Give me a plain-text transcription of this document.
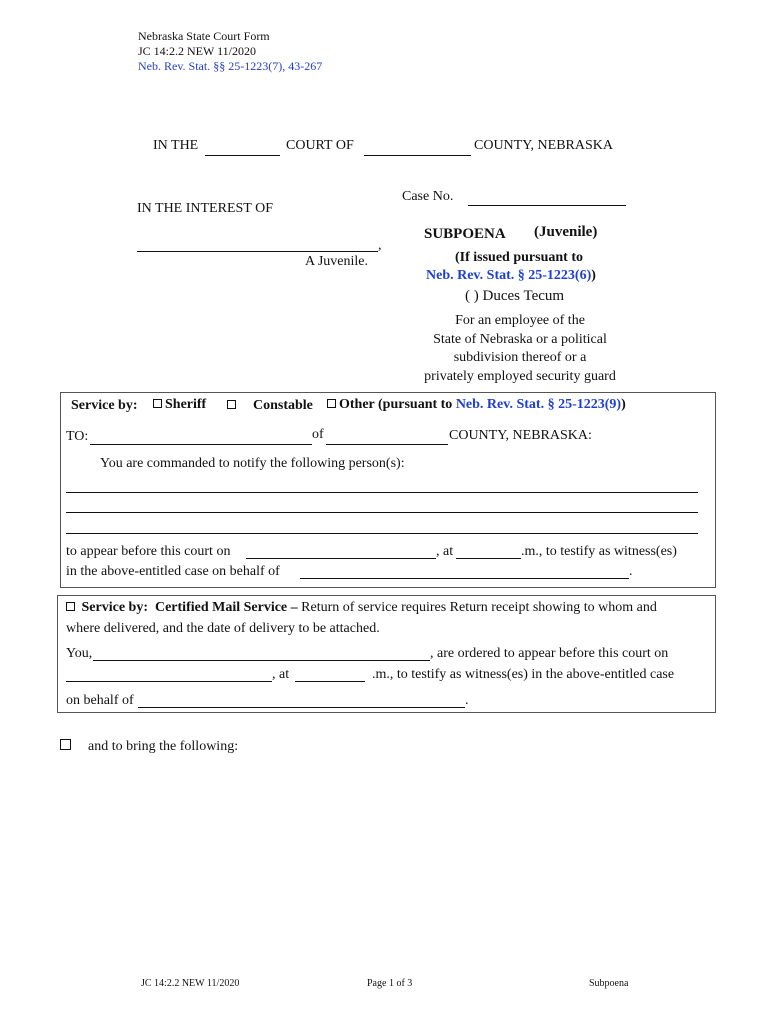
Nebraska State Court Form
JC 14:2.2 NEW 11/2020
Neb. Rev. Stat. §§ 25-1223(7), 43-267
IN THE	COURT OF	COUNTY, NEBRASKA
Case No.
IN THE INTEREST OF
,
A Juvenile.
SUBPOENA (Juvenile)
(If issued pursuant to
Neb. Rev. Stat. § 25-1223(6))
( ) Duces Tecum
For an employee of the
State of Nebraska or a political
subdivision thereof or a
privately employed security guard
Service by:	Sheriff	Constable	Other (pursuant to Neb. Rev. Stat. § 25-1223(9))
TO:	of	COUNTY, NEBRASKA:
You are commanded to notify the following person(s):
to appear before this court on	, at	.m., to testify as witness(es)
in the above-entitled case on behalf of	.
Service by: Certified Mail Service – Return of service requires Return receipt showing to whom and
where delivered, and the date of delivery to be attached.
You,	, are ordered to appear before this court on
, at	.m., to testify as witness(es) in the above-entitled case
on behalf of	.
and to bring the following:
JC 14:2.2 NEW 11/2020	Page 1 of 3	Subpoena
